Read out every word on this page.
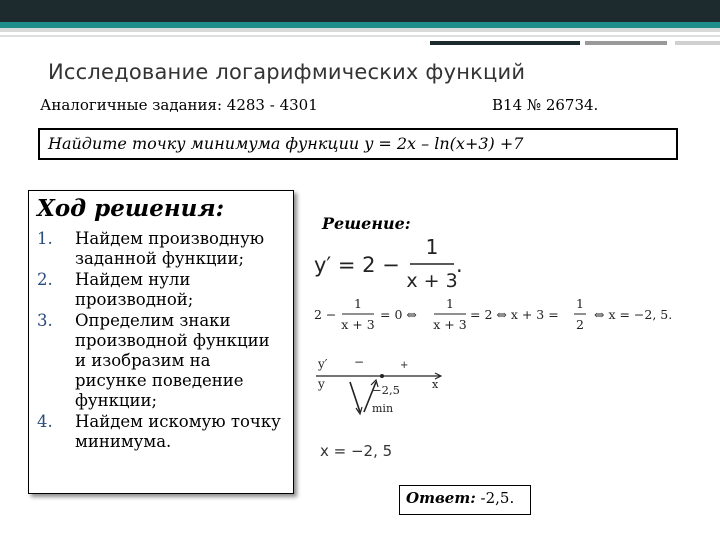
Исследование логарифмических функций
Аналогичные задания: 4283 - 4301	B14 № 26734.
Найдите точку минимума функции y = 2x – ln(x+3) +7
Ход решения:
1.	Найдем производную заданной функции;
2.	Найдем нули производной;
3.	Определим знаки производной функции и изобразим на рисунке поведение функции;
4.	Найдем искомую точку минимума.
Решение:
y′ = 2 −
1
x + 3
.
2 −
1
x + 3
= 0 ⇔
1
x + 3
= 2 ⇔ x + 3 =
1
2
⇔ x = −2, 5.
y′
y
−	+
−2,5	x
min
x = −2, 5
Ответ: -2,5.
